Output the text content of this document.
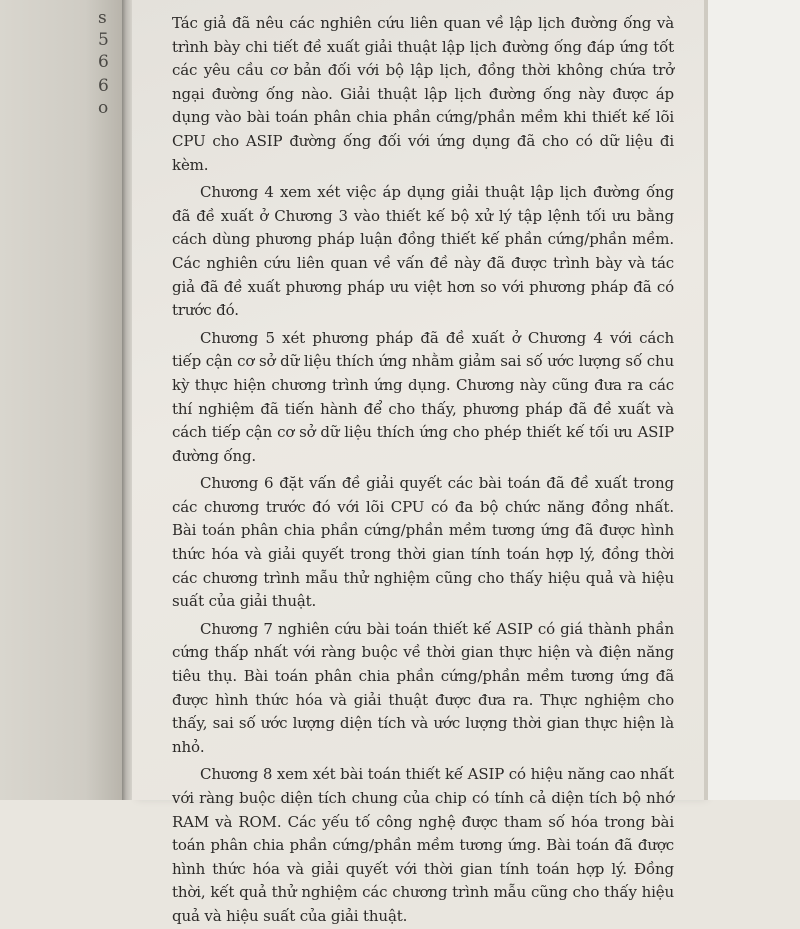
s
5
6
6
o

Tác giả đã nêu các nghiên cứu liên quan về lập lịch đường ống và trình bày chi tiết đề xuất giải thuật lập lịch đường ống đáp ứng tốt các yêu cầu cơ bản đối với bộ lập lịch, đồng thời không chứa trở ngại đường ống nào. Giải thuật lập lịch đường ống này được áp dụng vào bài toán phân chia phần cứng/phần mềm khi thiết kế lõi CPU cho ASIP đường ống đối với ứng dụng đã cho có dữ liệu đi kèm.

Chương 4 xem xét việc áp dụng giải thuật lập lịch đường ống đã đề xuất ở Chương 3 vào thiết kế bộ xử lý tập lệnh tối ưu bằng cách dùng phương pháp luận đồng thiết kế phần cứng/phần mềm. Các nghiên cứu liên quan về vấn đề này đã được trình bày và tác giả đã đề xuất phương pháp ưu việt hơn so với phương pháp đã có trước đó.

Chương 5 xét phương pháp đã đề xuất ở Chương 4 với cách tiếp cận cơ sở dữ liệu thích ứng nhằm giảm sai số ước lượng số chu kỳ thực hiện chương trình ứng dụng. Chương này cũng đưa ra các thí nghiệm đã tiến hành để cho thấy, phương pháp đã đề xuất và cách tiếp cận cơ sở dữ liệu thích ứng cho phép thiết kế tối ưu ASIP đường ống.

Chương 6 đặt vấn đề giải quyết các bài toán đã đề xuất trong các chương trước đó với lõi CPU có đa bộ chức năng đồng nhất. Bài toán phân chia phần cứng/phần mềm tương ứng đã được hình thức hóa và giải quyết trong thời gian tính toán hợp lý, đồng thời các chương trình mẫu thử nghiệm cũng cho thấy hiệu quả và hiệu suất của giải thuật.

Chương 7 nghiên cứu bài toán thiết kế ASIP có giá thành phần cứng thấp nhất với ràng buộc về thời gian thực hiện và điện năng tiêu thụ. Bài toán phân chia phần cứng/phần mềm tương ứng đã được hình thức hóa và giải thuật được đưa ra. Thực nghiệm cho thấy, sai số ước lượng diện tích và ước lượng thời gian thực hiện là nhỏ.

Chương 8 xem xét bài toán thiết kế ASIP có hiệu năng cao nhất với ràng buộc diện tích chung của chip có tính cả diện tích bộ nhớ RAM và ROM. Các yếu tố công nghệ được tham số hóa trong bài toán phân chia phần cứng/phần mềm tương ứng. Bài toán đã được hình thức hóa và giải quyết với thời gian tính toán hợp lý. Đồng thời, kết quả thử nghiệm các chương trình mẫu cũng cho thấy hiệu quả và hiệu suất của giải thuật.
